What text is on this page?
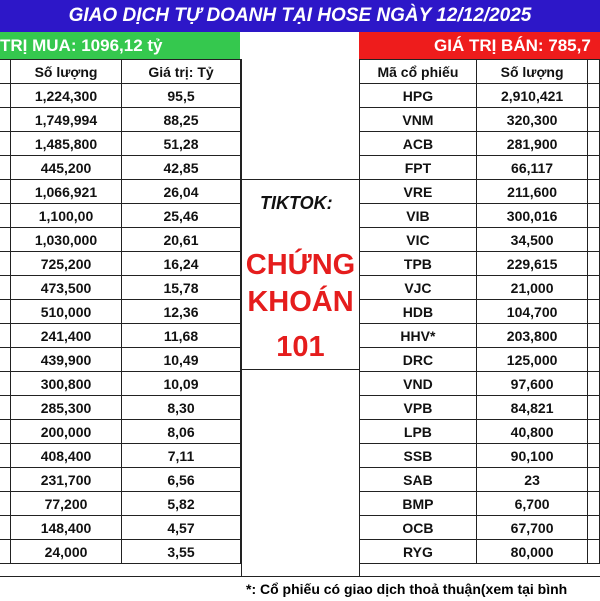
GIAO DỊCH TỰ DOANH TẠI HOSE NGÀY 12/12/2025
TRỊ MUA: 1096,12 tỷ	GIÁ TRỊ BÁN: 785,7
	Số lượng	Giá trị: Tỷ
	1,224,300	95,5
	1,749,994	88,25
	1,485,800	51,28
	445,200	42,85
	1,066,921	26,04
	1,100,00	25,46
	1,030,000	20,61
	725,200	16,24
	473,500	15,78
	510,000	12,36
	241,400	11,68
	439,900	10,49
	300,800	10,09
	285,300	8,30
	200,000	8,06
	408,400	7,11
	231,700	6,56
	77,200	5,82
	148,400	4,57
	24,000	3,55
TIKTOK:
CHỨNG
KHOÁN
101
Mã cổ phiếu	Số lượng	
HPG	2,910,421	
VNM	320,300	
ACB	281,900	
FPT	66,117	
VRE	211,600	
VIB	300,016	
VIC	34,500	
TPB	229,615	
VJC	21,000	
HDB	104,700	
HHV*	203,800	
DRC	125,000	
VND	97,600	
VPB	84,821	
LPB	40,800	
SSB	90,100	
SAB	23	
BMP	6,700	
OCB	67,700	
RYG	80,000	
*: Cổ phiếu có giao dịch thoả thuận(xem tại bình
